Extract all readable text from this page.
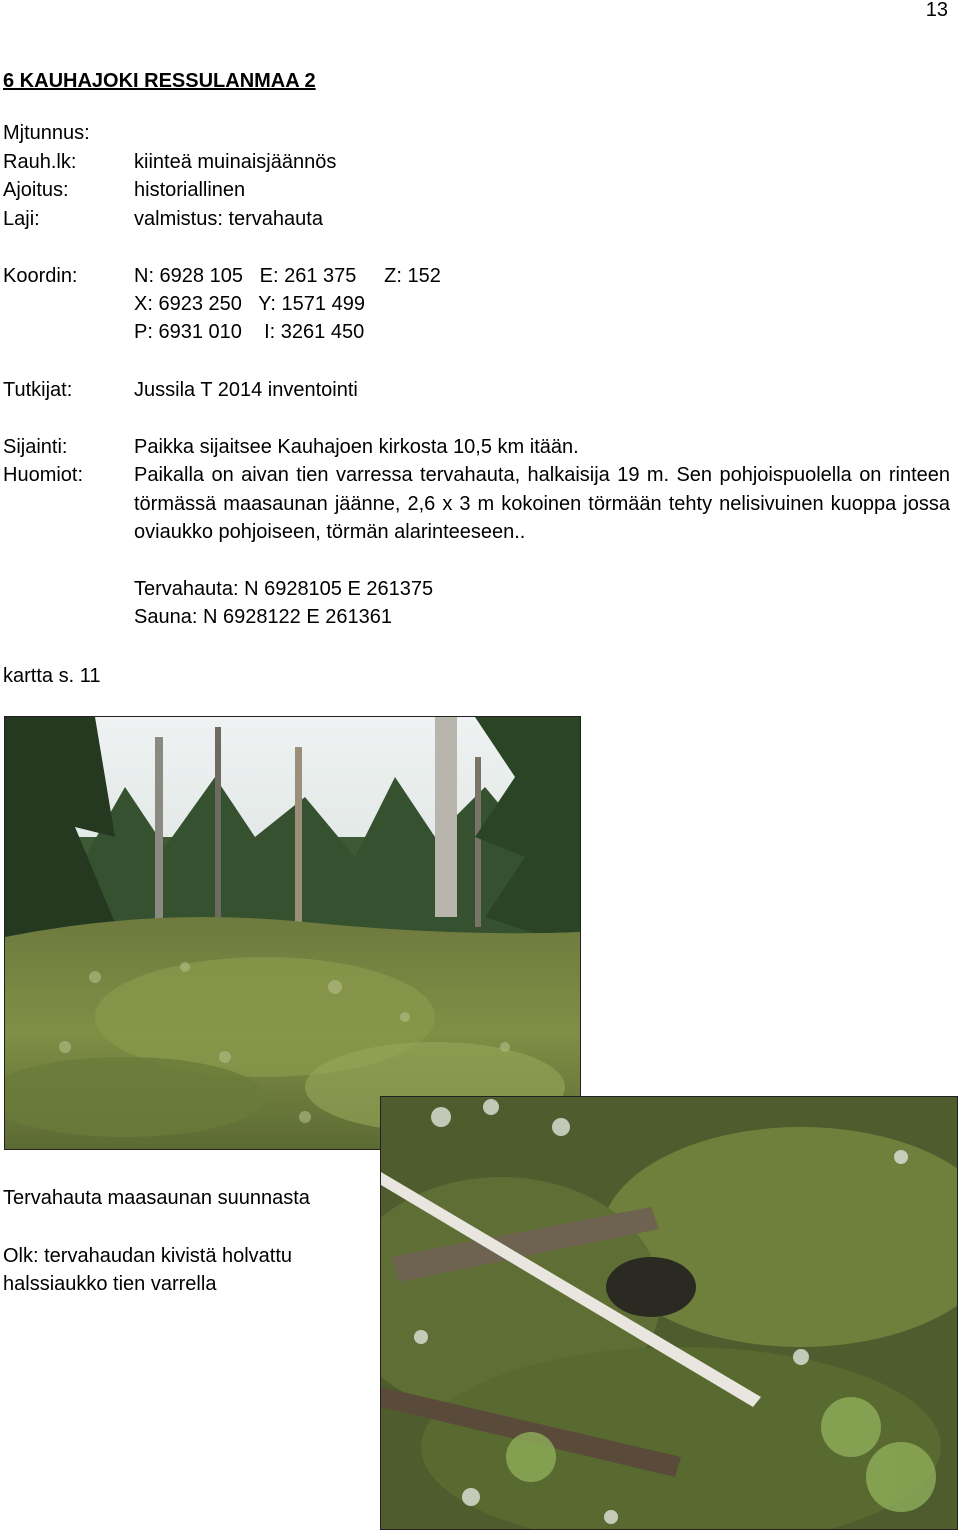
13
6 KAUHAJOKI RESSULANMAA 2
Mjtunnus:
Rauh.lk:	kiinteä muinaisjäännös
Ajoitus:	historiallinen
Laji:	valmistus: tervahauta
Koordin:	N: 6928 105   E: 261 375     Z: 152
X: 6923 250   Y: 1571 499
P: 6931 010    I: 3261 450
Tutkijat:	Jussila T 2014 inventointi
Sijainti:	Paikka sijaitsee Kauhajoen kirkosta 10,5 km itään.
Huomiot:	Paikalla on aivan tien varressa tervahauta, halkaisija 19 m. Sen pohjoispuolella on rinteen törmässä maasaunan jäänne, 2,6 x 3 m kokoinen törmään tehty nelisivuinen kuoppa jossa oviaukko pohjoiseen, törmän alarinteeseen..
Tervahauta: N 6928105 E 261375
Sauna: N 6928122 E 261361
kartta s. 11
Tervahauta maasaunan suunnasta
Olk: tervahaudan kivistä holvattu
halssiaukko tien varrella
